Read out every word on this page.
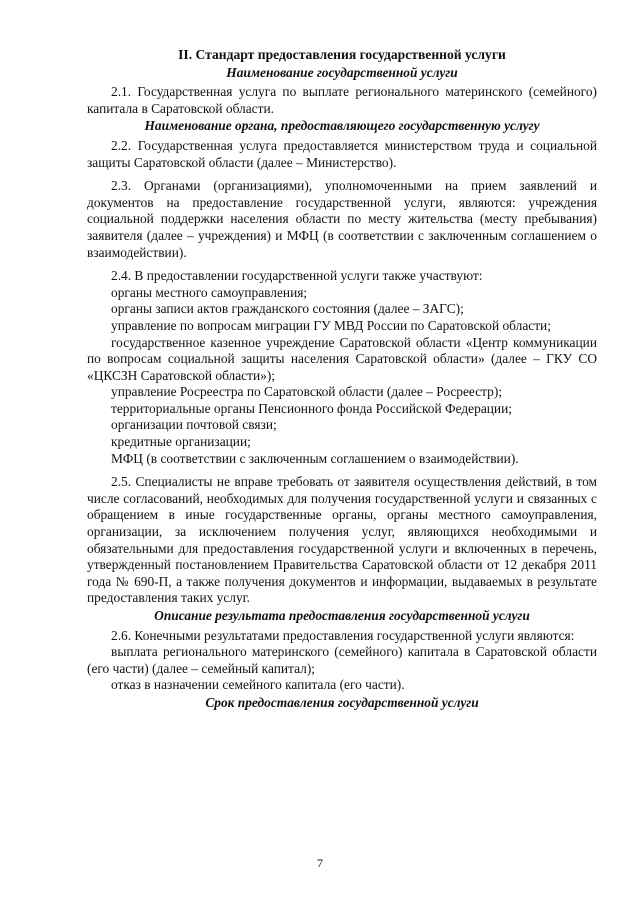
II. Стандарт предоставления государственной услуги

Наименование государственной услуги

2.1. Государственная услуга по выплате регионального материнского (семейного) капитала в Саратовской области.

Наименование органа, предоставляющего государственную услугу

2.2. Государственная услуга предоставляется министерством труда и социальной защиты Саратовской области (далее – Министерство).

2.3. Органами (организациями), уполномоченными на прием заявлений и документов на предоставление государственной услуги, являются: учреждения социальной поддержки населения области по месту жительства (месту пребывания) заявителя (далее – учреждения) и МФЦ (в соответствии с заключенным соглашением о взаимодействии).

2.4. В предоставлении государственной услуги также участвуют:

органы местного самоуправления;

органы записи актов гражданского состояния (далее – ЗАГС);

управление по вопросам миграции ГУ МВД России по Саратовской области;

государственное казенное учреждение Саратовской области «Центр коммуникации по вопросам социальной защиты населения Саратовской области» (далее – ГКУ СО «ЦКСЗН Саратовской области»);

управление Росреестра по Саратовской области (далее – Росреестр);

территориальные органы Пенсионного фонда Российской Федерации;

организации почтовой связи;

кредитные организации;

МФЦ (в соответствии с заключенным соглашением о взаимодействии).

2.5. Специалисты не вправе требовать от заявителя осуществления действий, в том числе согласований, необходимых для получения государственной услуги и связанных с обращением в иные государственные органы, органы местного самоуправления, организации, за исключением получения услуг, являющихся необходимыми и обязательными для предоставления государственной услуги и включенных в перечень, утвержденный постановлением Правительства Саратовской области от 12 декабря 2011 года № 690-П, а также получения документов и информации, выдаваемых в результате предоставления таких услуг.

Описание результата предоставления государственной услуги

2.6. Конечными результатами предоставления государственной услуги являются:

выплата регионального материнского (семейного) капитала в Саратовской области (его части) (далее – семейный капитал);

отказ в назначении семейного капитала (его части).

Срок предоставления государственной услуги

7
